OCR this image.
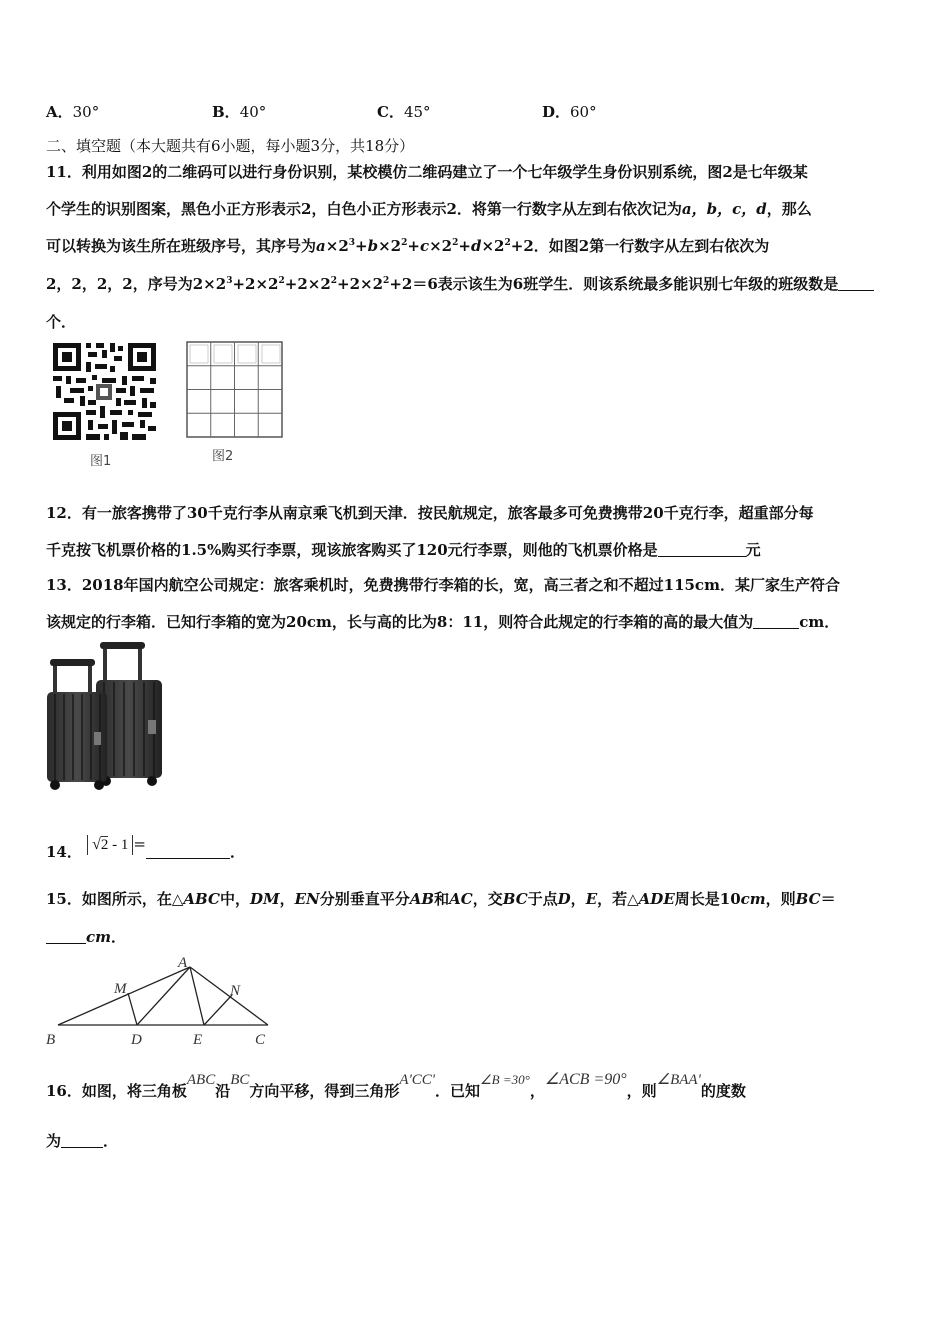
A．30°	B．40°	C．45°	D．60°
二、填空题（本大题共有6小题，每小题3分，共18分）
11．利用如图2的二维码可以进行身份识别，某校模仿二维码建立了一个七年级学生身份识别系统，图2是七年级某
个学生的识别图案，黑色小正方形表示2，白色小正方形表示2．将第一行数字从左到右依次记为a，b，c，d，那么
可以转换为该生所在班级序号，其序号为$a\times 2^3+b\times 2^2+c\times 2^2+d\times 2^2+2$．如图2第一行数字从左到右依次为
2，2，2，2，序号为$2\times 2^3+2\times 2^2+2\times 2^2+2\times 2^2+2=6$表示该生为6班学生．则该系统最多能识别七年级的班级数是
个．
图1	图2
12．有一旅客携带了30千克行李从南京乘飞机到天津．按民航规定，旅客最多可免费携带20千克行李，超重部分每
千克按飞机票价格的1.5%购买行李票，现该旅客购买了120元行李票，则他的飞机票价格是	元
13．2018年国内航空公司规定：旅客乘机时，免费携带行李箱的长，宽，高三者之和不超过115cm．某厂家生产符合
该规定的行李箱．已知行李箱的宽为20cm，长与高的比为8：11，则符合此规定的行李箱的高的最大值为	cm．
14． √2 - 1 =	．
15．如图所示，在△ABC中，DM，EN分别垂直平分AB和AC，交BC于点D，E，若△ADE周长是10cm，则BC＝
cm．
A
M	N
B	D	E	C
16．如图，将三角板ABC沿BC方向平移，得到三角形A'CC'．已知∠B =30°，∠ACB =90°，则∠BAA'的度数
为	．
